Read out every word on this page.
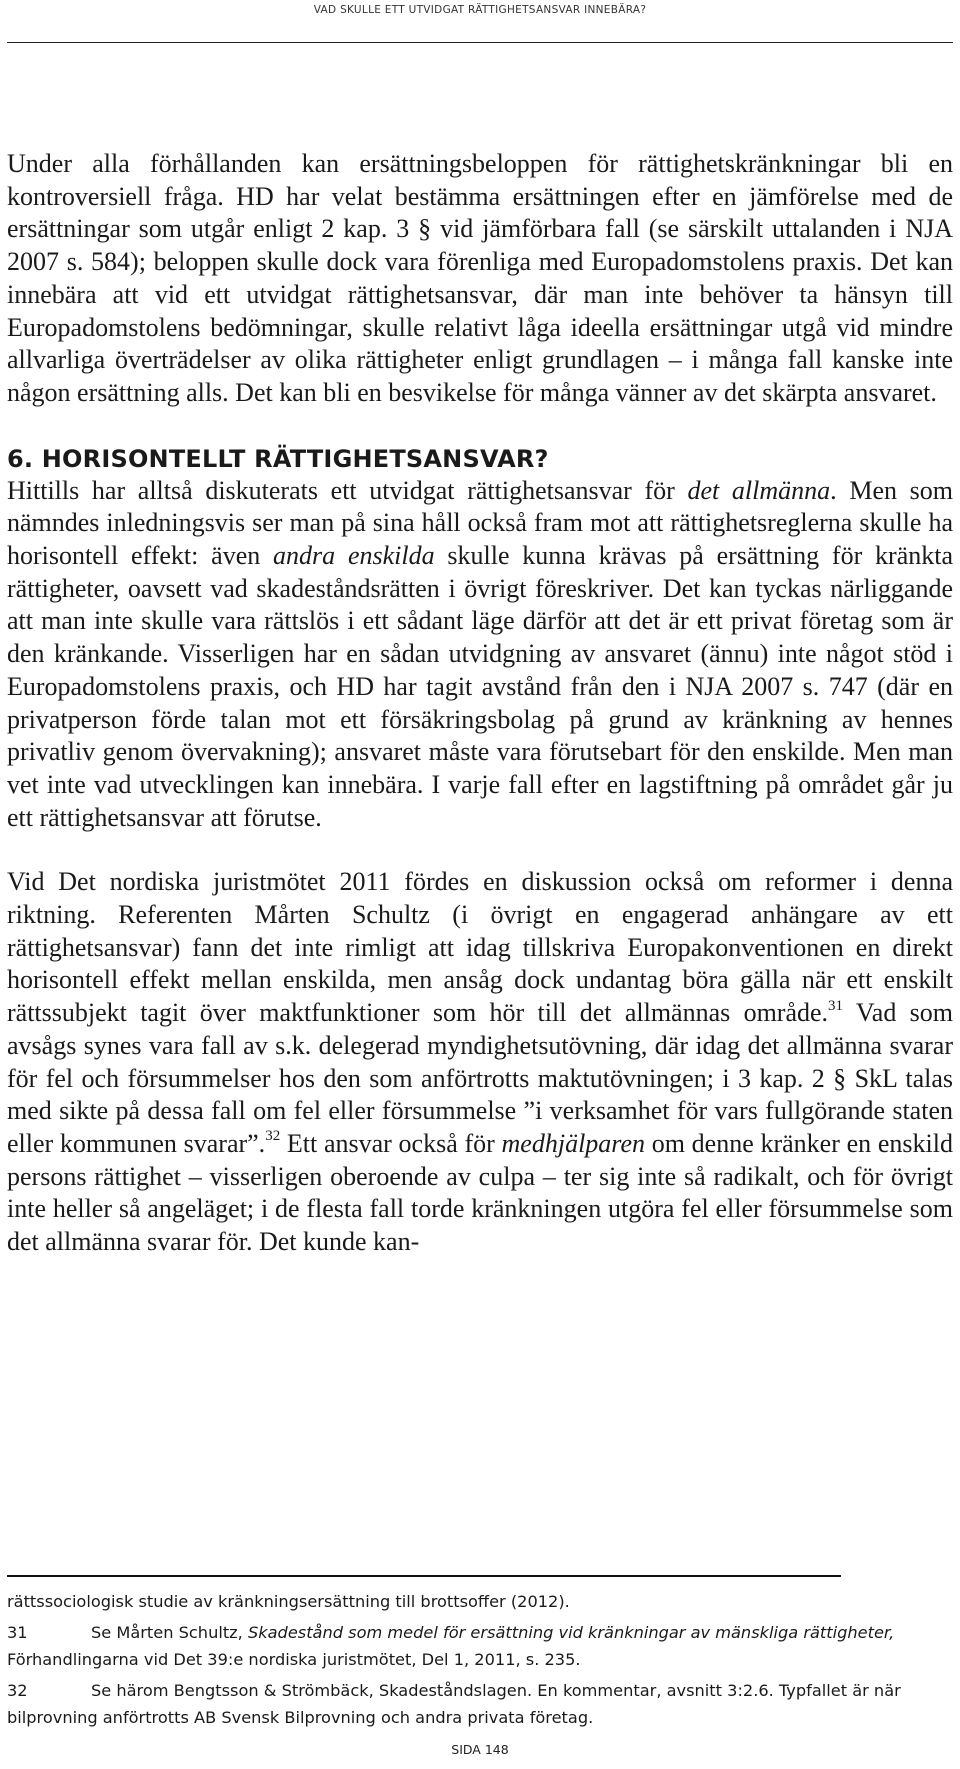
VAD SKULLE ETT UTVIDGAT RÄTTIGHETSANSVAR INNEBÄRA?

Under alla förhållanden kan ersättningsbeloppen för rättighetskränkningar bli en kontroversiell fråga. HD har velat bestämma ersättningen efter en jämförelse med de ersättningar som utgår enligt 2 kap. 3 § vid jämförbara fall (se särskilt uttalanden i NJA 2007 s. 584); beloppen skulle dock vara förenliga med Europadomstolens praxis. Det kan innebära att vid ett utvidgat rättighetsansvar, där man inte behöver ta hänsyn till Europadomstolens bedömningar, skulle relativt låga ideella ersättningar utgå vid mindre allvarliga överträdelser av olika rättigheter enligt grundlagen – i många fall kanske inte någon ersättning alls. Det kan bli en besvikelse för många vänner av det skärpta ansvaret.

6. HORISONTELLT RÄTTIGHETSANSVAR?

Hittills har alltså diskuterats ett utvidgat rättighetsansvar för det allmänna. Men som nämndes inledningsvis ser man på sina håll också fram mot att rättighetsreglerna skulle ha horisontell effekt: även andra enskilda skulle kunna krävas på ersättning för kränkta rättigheter, oavsett vad skadeståndsrätten i övrigt föreskriver. Det kan tyckas närliggande att man inte skulle vara rättslös i ett sådant läge därför att det är ett privat företag som är den kränkande. Visserligen har en sådan utvidgning av ansvaret (ännu) inte något stöd i Europadomstolens praxis, och HD har tagit avstånd från den i NJA 2007 s. 747 (där en privatperson förde talan mot ett försäkringsbolag på grund av kränkning av hennes privatliv genom övervakning); ansvaret måste vara förutsebart för den enskilde. Men man vet inte vad utvecklingen kan innebära. I varje fall efter en lagstiftning på området går ju ett rättighetsansvar att förutse.

Vid Det nordiska juristmötet 2011 fördes en diskussion också om reformer i denna riktning. Referenten Mårten Schultz (i övrigt en engagerad anhängare av ett rättighetsansvar) fann det inte rimligt att idag tillskriva Europakonventionen en direkt horisontell effekt mellan enskilda, men ansåg dock undantag böra gälla när ett enskilt rättssubjekt tagit över maktfunktioner som hör till det allmännas område.$^{31}$ Vad som avsågs synes vara fall av s.k. delegerad myndighetsutövning, där idag det allmänna svarar för fel och försummelser hos den som anförtrotts maktutövningen; i 3 kap. 2 § SkL talas med sikte på dessa fall om fel eller försummelse ”i verksamhet för vars fullgörande staten eller kommunen svarar”.$^{32}$ Ett ansvar också för medhjälparen om denne kränker en enskild persons rättighet – visserligen oberoende av culpa – ter sig inte så radikalt, och för övrigt inte heller så angeläget; i de flesta fall torde kränkningen utgöra fel eller försummelse som det allmänna svarar för. Det kunde kan-

rättssociologisk studie av kränkningsersättning till brottsoffer (2012).

31	Se Mårten Schultz, Skadestånd som medel för ersättning vid kränkningar av mänskliga rättigheter, Förhandlingarna vid Det 39:e nordiska juristmötet, Del 1, 2011, s. 235.

32	Se härom Bengtsson & Strömbäck, Skadeståndslagen. En kommentar, avsnitt 3:2.6. Typfallet är när bilprovning anförtrotts AB Svensk Bilprovning och andra privata företag.

SIDA 148
